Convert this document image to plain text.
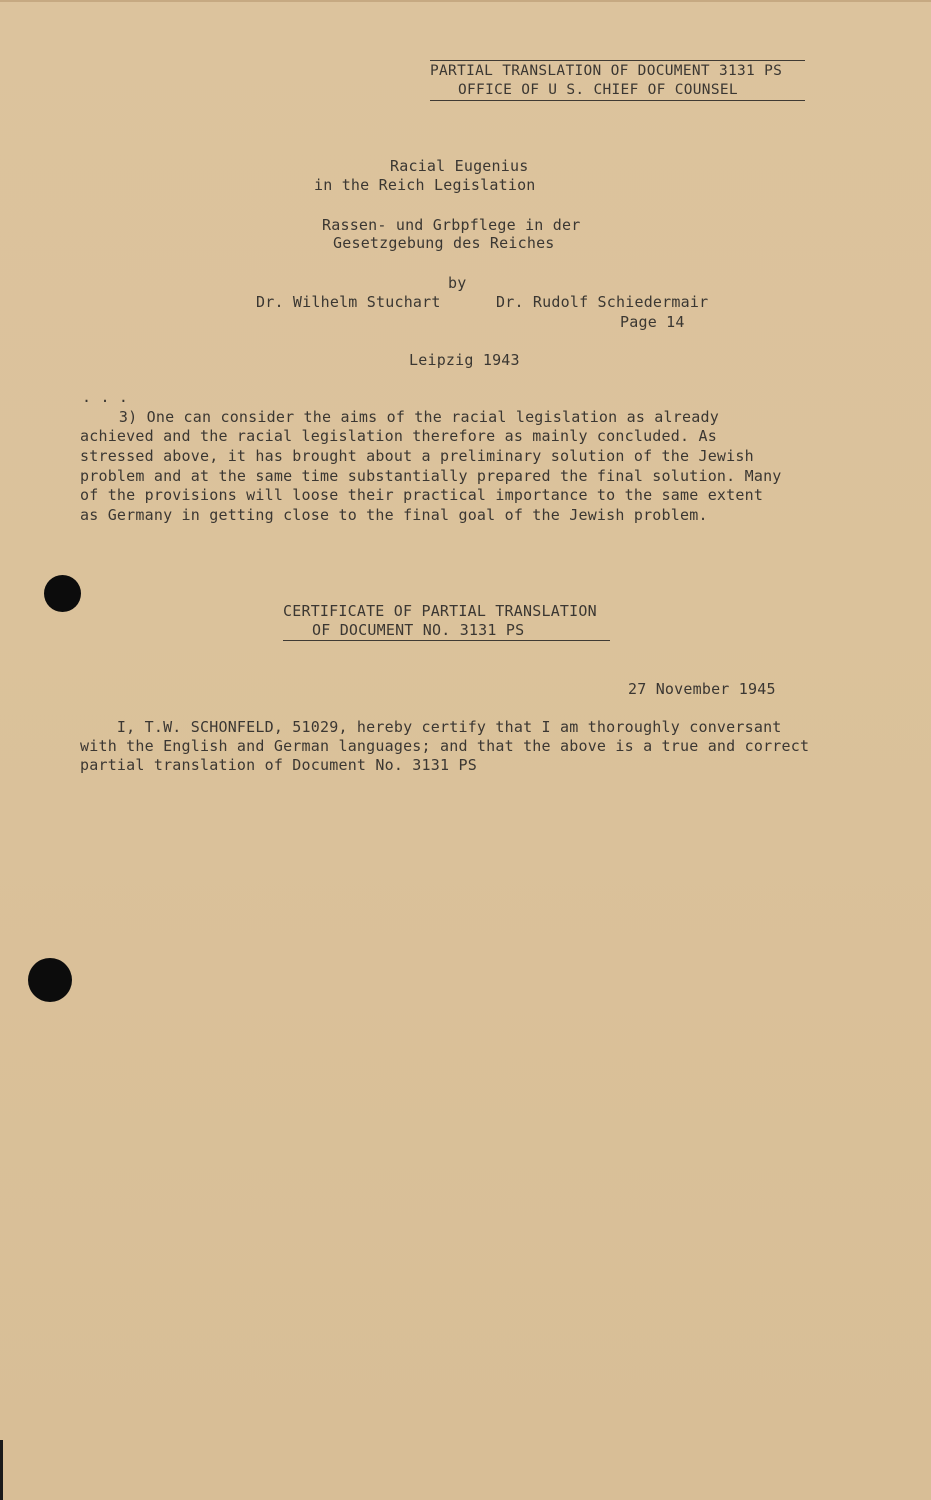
PARTIAL TRANSLATION OF DOCUMENT 3131 PS
OFFICE OF U S. CHIEF OF COUNSEL
Racial Eugenius
in the Reich Legislation
Rassen- und Grbpflege in der
Gesetzgebung des Reiches
by
Dr. Wilhelm Stuchart	Dr. Rudolf Schiedermair
Page 14
Leipzig 1943
. . .
3) One can consider the aims of the racial legislation as already
achieved and the racial legislation therefore as mainly concluded. As
stressed above, it has brought about a preliminary solution of the Jewish
problem and at the same time substantially prepared the final solution. Many
of the provisions will loose their practical importance to the same extent
as Germany in getting close to the final goal of the Jewish problem.
CERTIFICATE OF PARTIAL TRANSLATION
OF DOCUMENT NO. 3131 PS
27 November 1945
I, T.W. SCHONFELD, 51029, hereby certify that I am thoroughly conversant
with the English and German languages; and that the above is a true and correct
partial translation of Document No. 3131 PS
